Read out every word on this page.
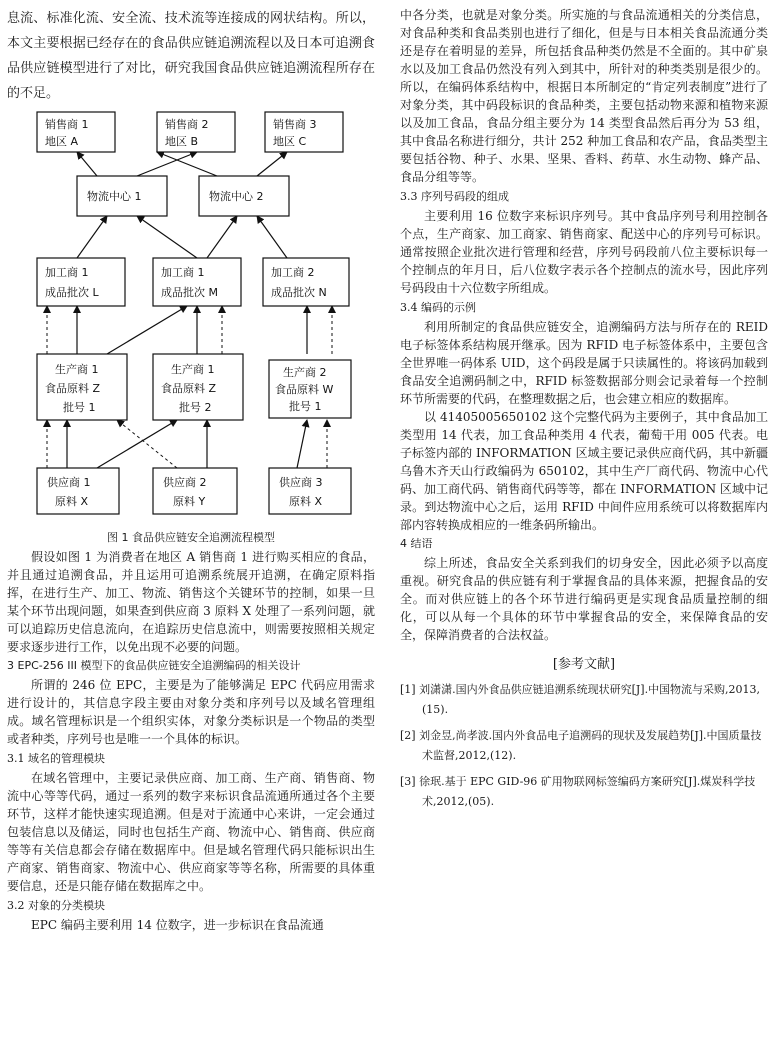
息流、标准化流、安全流、技术流等连接成的网状结构。所以，本文主要根据已经存在的食品供应链追溯流程以及日本可追溯食品供应链模型进行了对比，研究我国食品供应链追溯流程所存在的不足。

销售商 1
地区 A
销售商 2
地区 B
销售商 3
地区 C
物流中心 1	物流中心 2
加工商 1
成品批次 L
加工商 1
成品批次 M
加工商 2
成品批次 N
生产商 1
食品原料 Z
批号 1
生产商 1
食品原料 Z
批号 2
生产商 2
食品原料 W
批号 1
供应商 1
原料 X
供应商 2
原料 Y
供应商 3
原料 X

图 1 食品供应链安全追溯流程模型

假设如图 1 为消费者在地区 A 销售商 1 进行购买相应的食品，并且通过追溯食品，并且运用可追溯系统展开追溯，在确定原料指挥，在进行生产、加工、物流、销售这个关键环节的控制，如果一旦某个环节出现问题，如果查到供应商 3 原料 X 处理了一系列问题，就可以追踪历史信息流向，在追踪历史信息流中，则需要按照相关规定要求逐步进行工作，以免出现不必要的问题。

3 EPC-256 III 模型下的食品供应链安全追溯编码的相关设计

所谓的 246 位 EPC，主要是为了能够满足 EPC 代码应用需求进行设计的，其信息字段主要由对象分类和序列号以及域名管理组成。域名管理标识是一个组织实体，对象分类标识是一个物品的类型或者种类，序列号也是唯一一个具体的标识。

3.1 域名的管理模块

在域名管理中，主要记录供应商、加工商、生产商、销售商、物流中心等等代码，通过一系列的数字来标识食品流通所通过各个主要环节，这样才能快速实现追溯。但是对于流通中心来讲，一定会通过包装信息以及储运，同时也包括生产商、物流中心、销售商、供应商等等有关信息都会存储在数据库中。但是域名管理代码只能标识出生产商家、销售商家、物流中心、供应商家等等名称，所需要的具体重要信息，还是只能存储在数据库之中。

3.2 对象的分类模块

EPC 编码主要利用 14 位数字，进一步标识在食品流通

中各分类，也就是对象分类。所实施的与食品流通相关的分类信息，对食品种类和食品类别也进行了细化，但是与日本相关食品流通分类还是存在着明显的差异，所包括食品种类仍然是不全面的。其中矿泉水以及加工食品仍然没有列入到其中，所针对的种类类别是很少的。所以，在编码体系结构中，根据日本所制定的“肯定列表制度”进行了对象分类，其中码段标识的食品种类，主要包括动物来源和植物来源以及加工食品，食品分组主要分为 14 类型食品然后再分为 53 组，其中食品名称进行细分，共计 252 种加工食品和农产品，食品类型主要包括谷物、种子、水果、坚果、香料、药草、水生动物、蜂产品、食品分组等等。

3.3 序列号码段的组成

主要利用 16 位数字来标识序列号。其中食品序列号利用控制各个点，生产商家、加工商家、销售商家、配送中心的序列号可标识。通常按照企业批次进行管理和经营，序列号码段前八位主要标识每一个控制点的年月日，后八位数字表示各个控制点的流水号，因此序列号码段由十六位数字所组成。

3.4 编码的示例

利用所制定的食品供应链安全，追溯编码方法与所存在的 REID 电子标签体系结构展开继承。因为 RFID 电子标签体系中，主要包含全世界唯一码体系 UID，这个码段是属于只读属性的。将该码加载到食品安全追溯码制之中，RFID 标签数据部分则会记录着每一个控制环节所需要的代码，在整理数据之后，也会建立相应的数据库。

以 41405005650102 这个完整代码为主要例子，其中食品加工类型用 14 代表，加工食品种类用 4 代表，葡萄干用 005 代表。电子标签内部的 INFORMATION 区域主要记录供应商代码，其中新疆乌鲁木齐天山行政编码为 650102，其中生产厂商代码、物流中心代码、加工商代码、销售商代码等等，都在 INFORMATION 区域中记录。到达物流中心之后，运用 RFID 中间件应用系统可以将数据库内部内容转换成相应的一维条码所输出。

4 结语

综上所述，食品安全关系到我们的切身安全，因此必须予以高度重视。研究食品的供应链有利于掌握食品的具体来源，把握食品的安全。而对供应链上的各个环节进行编码更是实现食品质量控制的细化，可以从每一个具体的环节中掌握食品的安全，来保障食品的安全，保障消费者的合法权益。

[参考文献]

[1] 刘潇潇.国内外食品供应链追溯系统现状研究[J].中国物流与采购,2013,(15).

[2] 刘金昱,尚孝波.国内外食品电子追溯码的现状及发展趋势[J].中国质量技术监督,2012,(12).

[3] 徐珉.基于 EPC GID-96 矿用物联网标签编码方案研究[J].煤炭科学技术,2012,(05).
